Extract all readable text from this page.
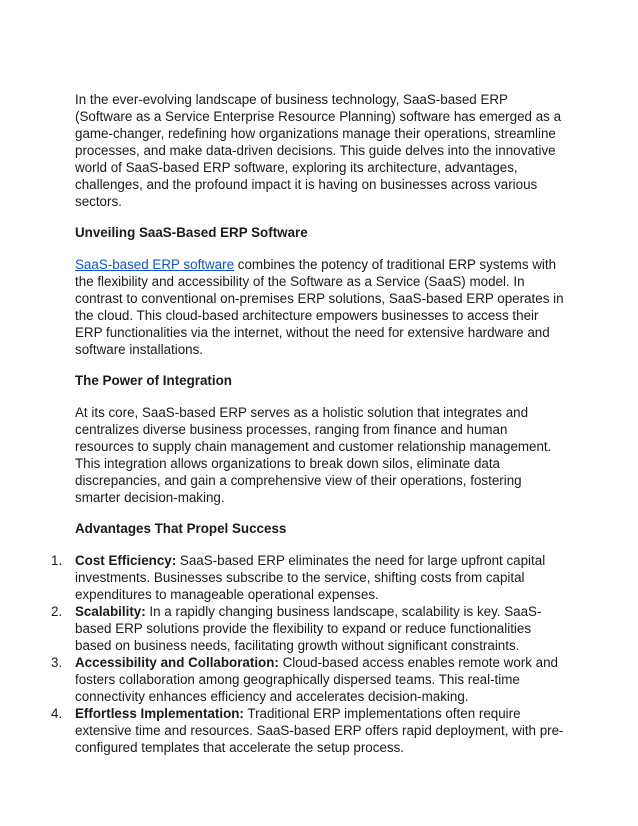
In the ever-evolving landscape of business technology, SaaS-based ERP (Software as a Service Enterprise Resource Planning) software has emerged as a game-changer, redefining how organizations manage their operations, streamline processes, and make data-driven decisions. This guide delves into the innovative world of SaaS-based ERP software, exploring its architecture, advantages, challenges, and the profound impact it is having on businesses across various sectors.

Unveiling SaaS-Based ERP Software

SaaS-based ERP software combines the potency of traditional ERP systems with the flexibility and accessibility of the Software as a Service (SaaS) model. In contrast to conventional on-premises ERP solutions, SaaS-based ERP operates in the cloud. This cloud-based architecture empowers businesses to access their ERP functionalities via the internet, without the need for extensive hardware and software installations.

The Power of Integration

At its core, SaaS-based ERP serves as a holistic solution that integrates and centralizes diverse business processes, ranging from finance and human resources to supply chain management and customer relationship management. This integration allows organizations to break down silos, eliminate data discrepancies, and gain a comprehensive view of their operations, fostering smarter decision-making.

Advantages That Propel Success

1. Cost Efficiency: SaaS-based ERP eliminates the need for large upfront capital investments. Businesses subscribe to the service, shifting costs from capital expenditures to manageable operational expenses.
2. Scalability: In a rapidly changing business landscape, scalability is key. SaaS-based ERP solutions provide the flexibility to expand or reduce functionalities based on business needs, facilitating growth without significant constraints.
3. Accessibility and Collaboration: Cloud-based access enables remote work and fosters collaboration among geographically dispersed teams. This real-time connectivity enhances efficiency and accelerates decision-making.
4. Effortless Implementation: Traditional ERP implementations often require extensive time and resources. SaaS-based ERP offers rapid deployment, with pre-configured templates that accelerate the setup process.
